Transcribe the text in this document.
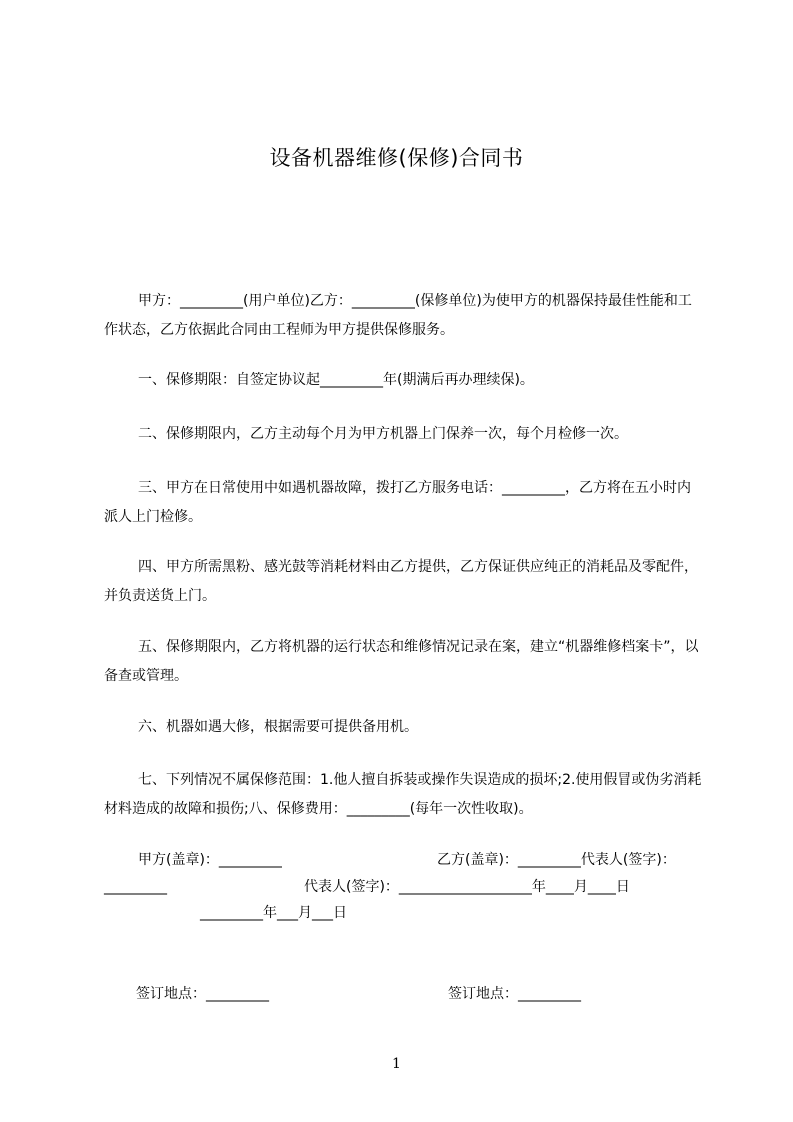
设备机器维修(保修)合同书

甲方：_________(用户单位)乙方：_________(保修单位)为使甲方的机器保持最佳性能和工作状态，乙方依据此合同由工程师为甲方提供保修服务。

一、保修期限：自签定协议起_________年(期满后再办理续保)。

二、保修期限内，乙方主动每个月为甲方机器上门保养一次，每个月检修一次。

三、甲方在日常使用中如遇机器故障，拨打乙方服务电话：_________，乙方将在五小时内派人上门检修。

四、甲方所需黑粉、感光鼓等消耗材料由乙方提供，乙方保证供应纯正的消耗品及零配件，并负责送货上门。

五、保修期限内，乙方将机器的运行状态和维修情况记录在案，建立“机器维修档案卡”，以备查或管理。

六、机器如遇大修，根据需要可提供备用机。

七、下列情况不属保修范围：1.他人擅自拆装或操作失误造成的损坏;2.使用假冒或伪劣消耗材料造成的故障和损伤;八、保修费用：_________(每年一次性收取)。

甲方(盖章)：_________	乙方(盖章)：_________代表人(签字)：
_________	代表人(签字)：___________________年____月____日
_________年___月___日
签订地点：_________	签订地点：_________
1
